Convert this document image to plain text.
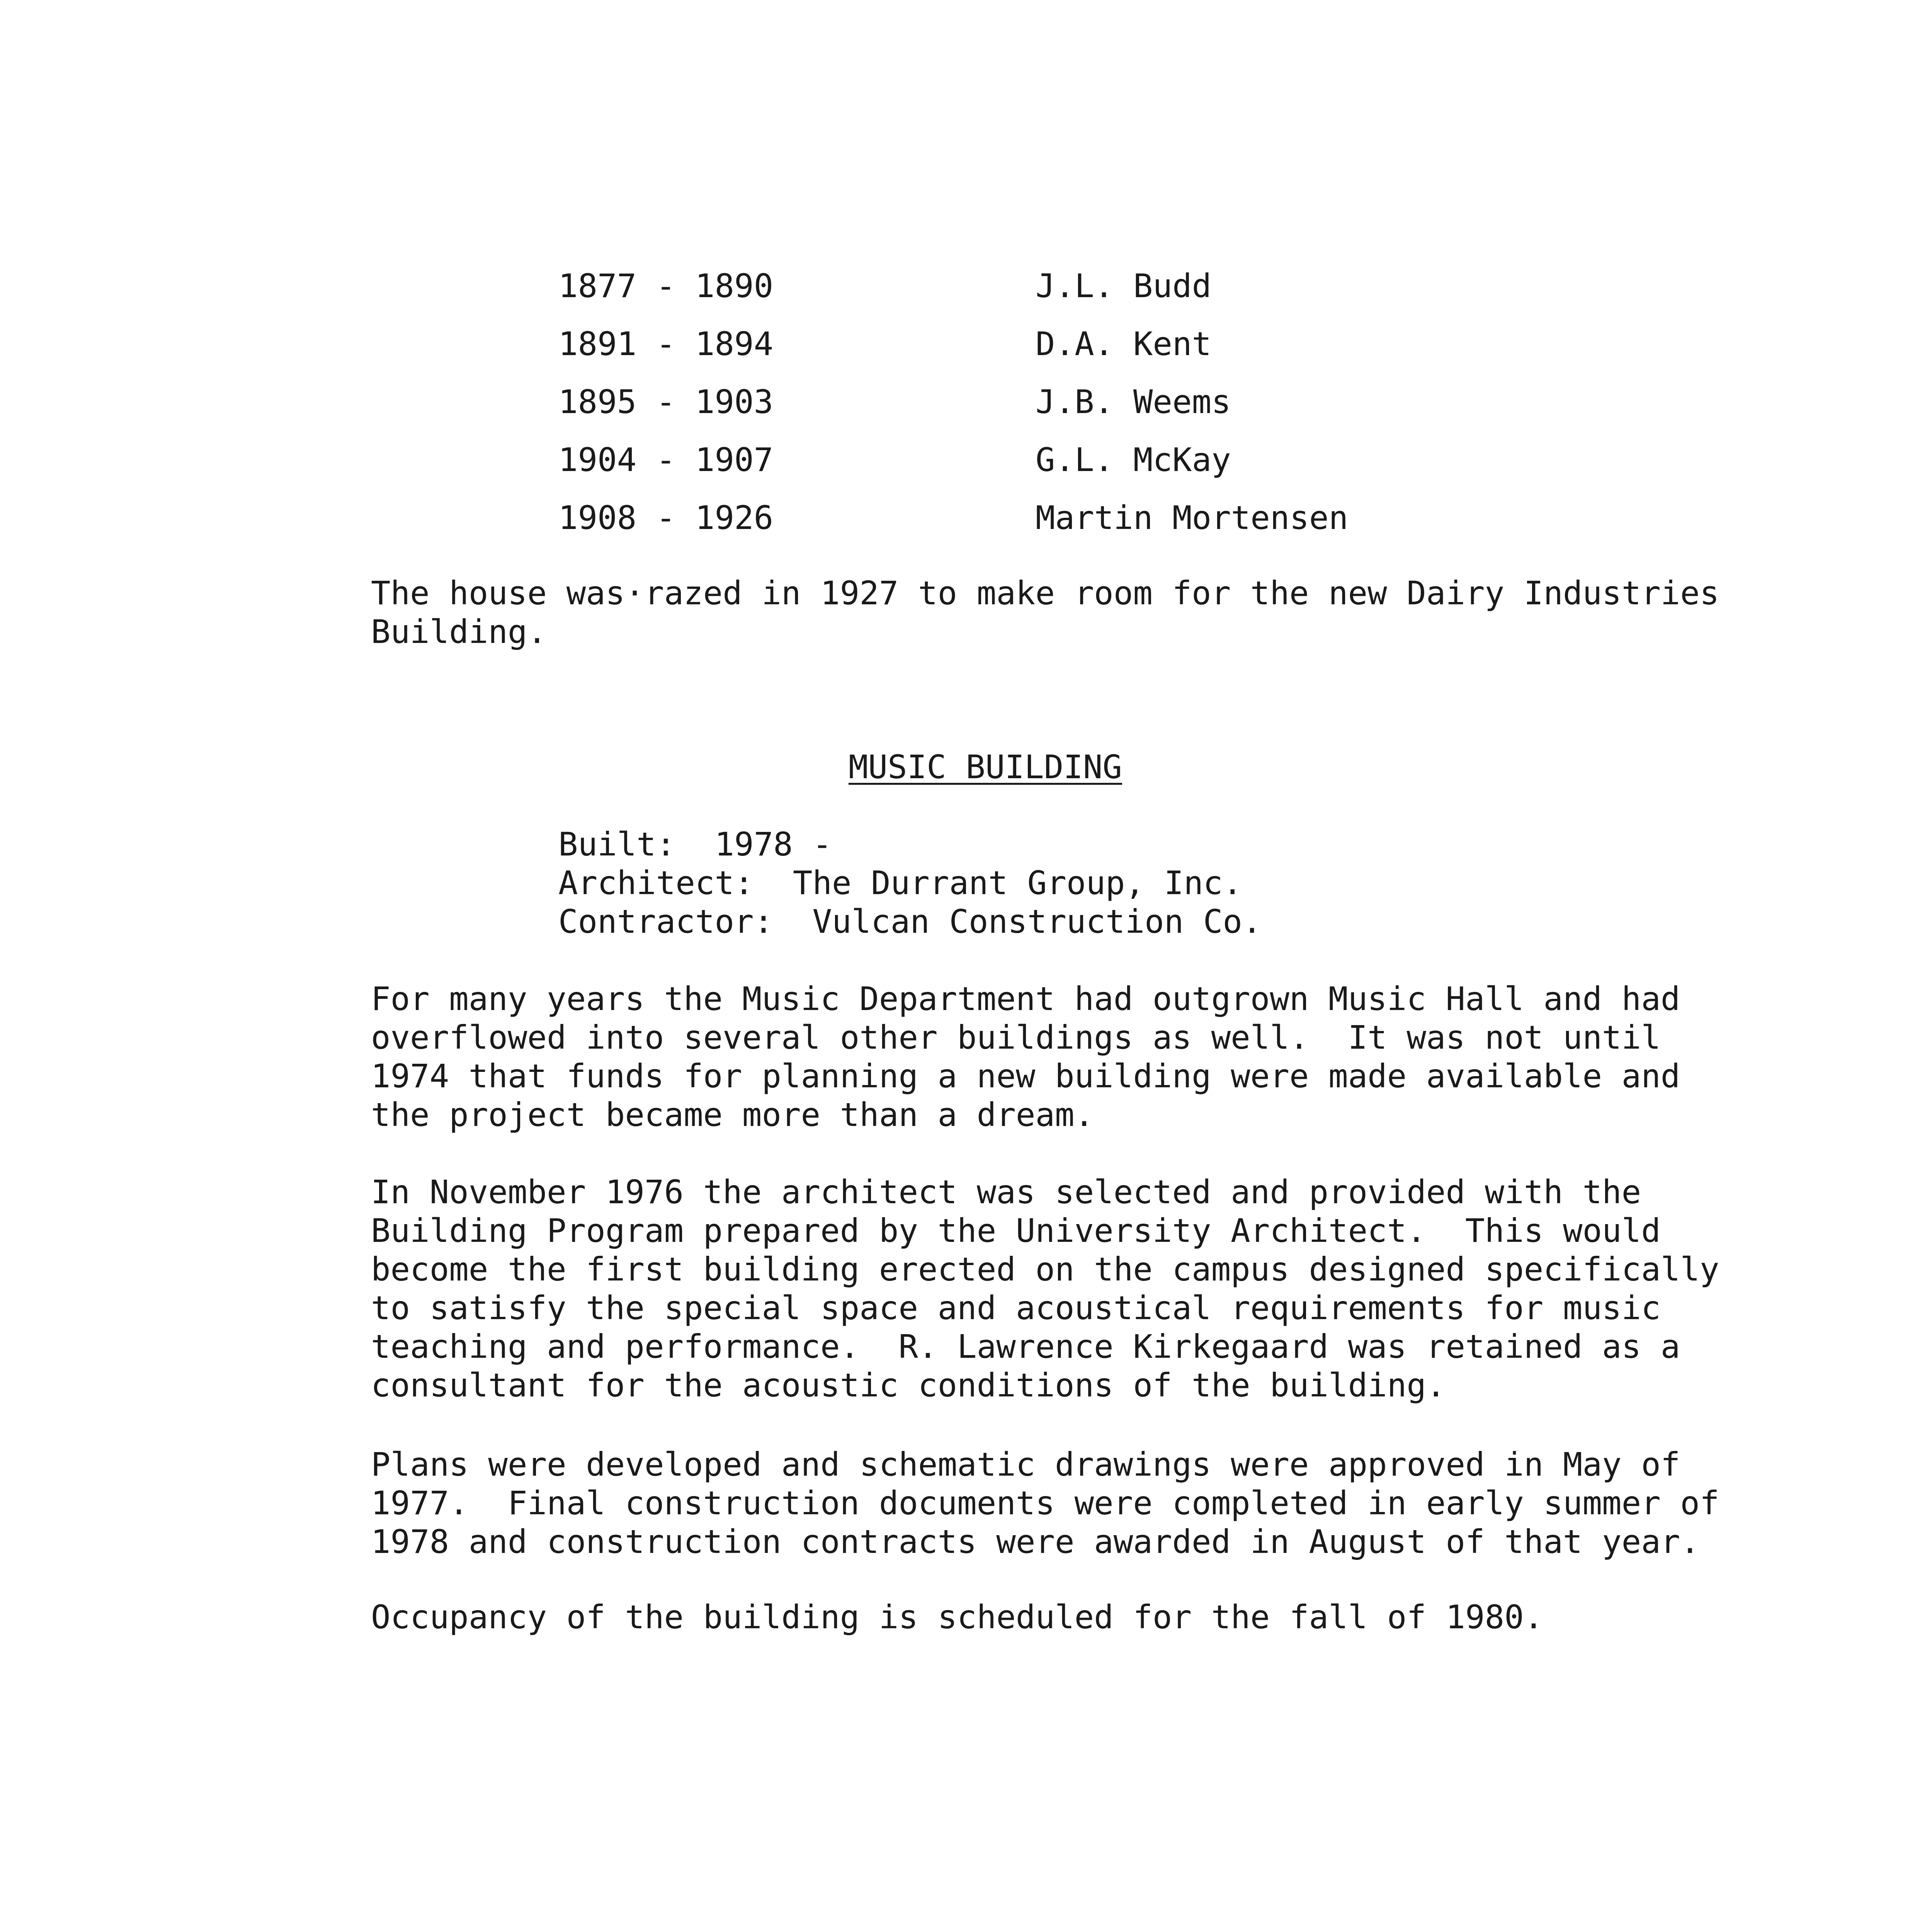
1877 - 1890	J.L. Budd
1891 - 1894	D.A. Kent
1895 - 1903	J.B. Weems
1904 - 1907	G.L. McKay
1908 - 1926	Martin Mortensen
The house was·razed in 1927 to make room for the new Dairy Industries
Building.
MUSIC BUILDING
Built:  1978 -
Architect:  The Durrant Group, Inc.
Contractor:  Vulcan Construction Co.
For many years the Music Department had outgrown Music Hall and had
overflowed into several other buildings as well.  It was not until
1974 that funds for planning a new building were made available and
the project became more than a dream.
In November 1976 the architect was selected and provided with the
Building Program prepared by the University Architect.  This would
become the first building erected on the campus designed specifically
to satisfy the special space and acoustical requirements for music
teaching and performance.  R. Lawrence Kirkegaard was retained as a
consultant for the acoustic conditions of the building.
Plans were developed and schematic drawings were approved in May of
1977.  Final construction documents were completed in early summer of
1978 and construction contracts were awarded in August of that year.
Occupancy of the building is scheduled for the fall of 1980.
